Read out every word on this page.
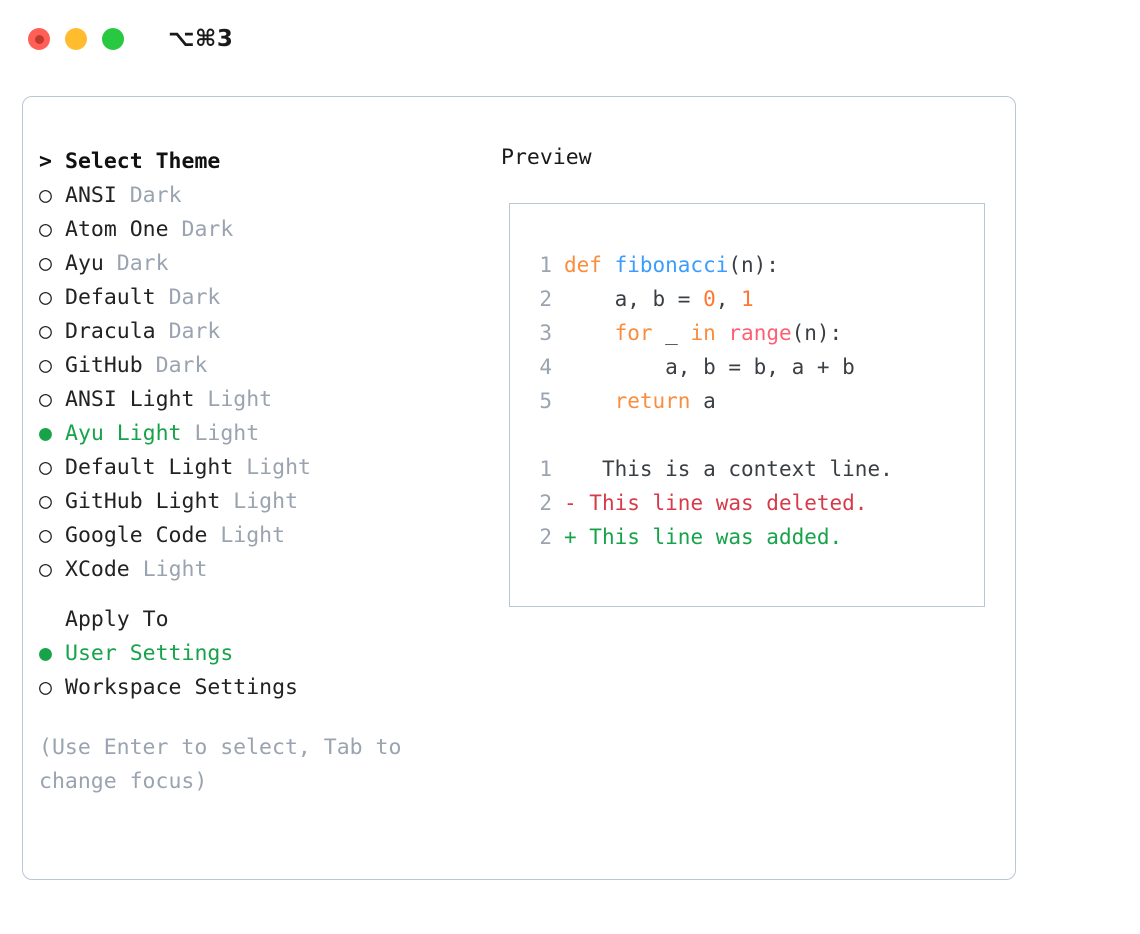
⌥⌘3
> Select Theme
○ ANSI
Dark
○ Atom One
Dark
○ Ayu
Dark
○ Default
Dark
○ Dracula
Dark
○ GitHub
Dark
○ ANSI Light
Light
● Ayu Light
Light
○ Default Light
Light
○ GitHub Light
Light
○ Google Code
Light
○ XCode
Light
Apply To
● User Settings
○ Workspace Settings
(Use Enter to select, Tab to change focus)
Preview
1 def fibonacci(n):
2 a, b = 0, 1
3	for _ in range(n):
4 a, b = b, a + b
5	return a
1
This is a context line.
2 - This line was deleted.
2 + This line was added.
